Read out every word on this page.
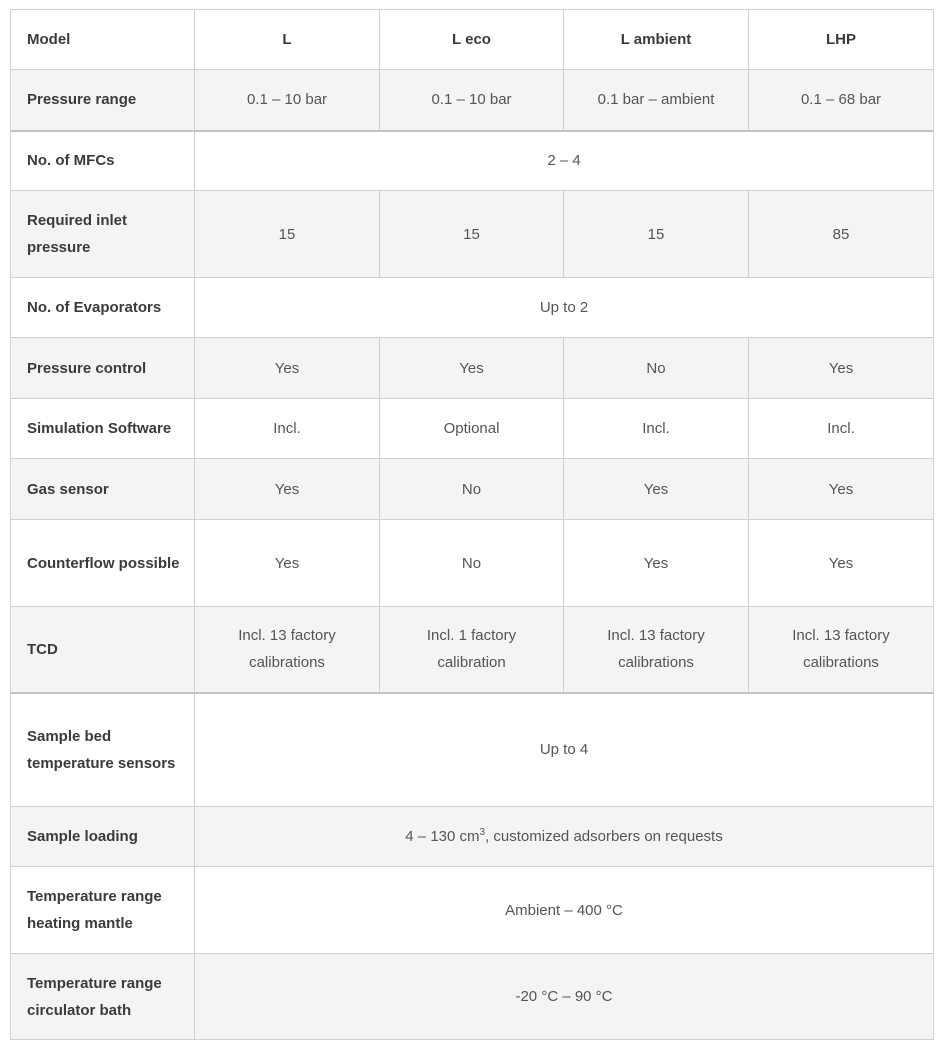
Model	L	L eco	L ambient	LHP
Pressure range	0.1 – 10 bar	0.1 – 10 bar	0.1 bar – ambient	0.1 – 68 bar
No. of MFCs	2 – 4			
Required inlet pressure	15	15	15	85
No. of Evaporators	Up to 2			
Pressure control	Yes	Yes	No	Yes
Simulation Software	Incl.	Optional	Incl.	Incl.
Gas sensor	Yes	No	Yes	Yes
Counterflow possible	Yes	No	Yes	Yes
TCD	Incl. 13 factory calibrations	Incl. 1 factory calibration	Incl. 13 factory calibrations	Incl. 13 factory calibrations
Sample bed temperature sensors	Up to 4			
Sample loading	4 – 130 $cm^3$, customized adsorbers on requests			
Temperature range heating mantle	Ambient – 400 °C			
Temperature range circulator bath	-20 °C – 90 °C			
